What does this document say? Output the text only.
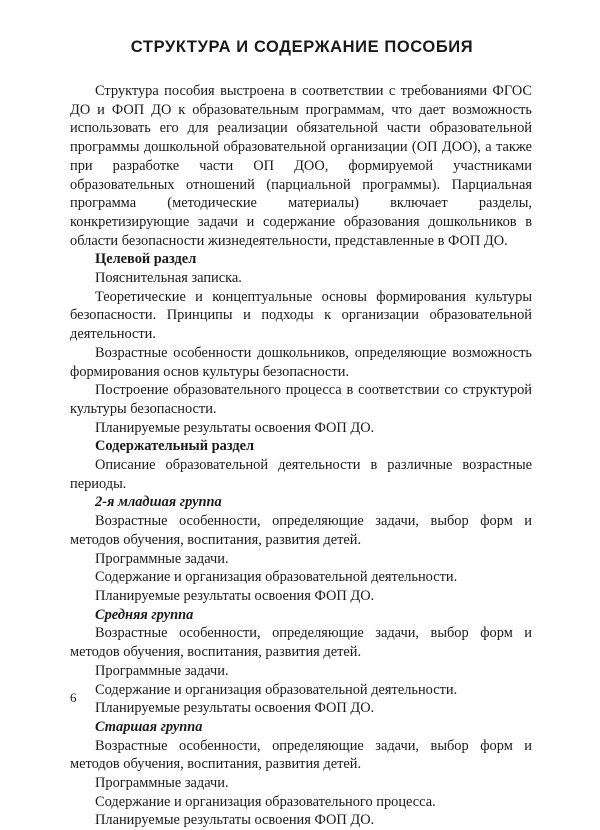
СТРУКТУРА И СОДЕРЖАНИЕ ПОСОБИЯ

Структура пособия выстроена в соответствии с требованиями ФГОС ДО и ФОП ДО к образовательным программам, что дает возможность использовать его для реализации обязательной части образовательной программы дошкольной образовательной организации (ОП ДОО), а также при разработке части ОП ДОО, формируемой участниками образовательных отношений (парциальной программы). Парциальная программа (методические материалы) включает разделы, конкретизирующие задачи и содержание образования дошкольников в области безопасности жизнедеятельности, представленные в ФОП ДО.

Целевой раздел

Пояснительная записка.

Теоретические и концептуальные основы формирования культуры безопасности. Принципы и подходы к организации образовательной деятельности.

Возрастные особенности дошкольников, определяющие возможность формирования основ культуры безопасности.

Построение образовательного процесса в соответствии со структурой культуры безопасности.

Планируемые результаты освоения ФОП ДО.

Содержательный раздел

Описание образовательной деятельности в различные возрастные периоды.

2-я младшая группа

Возрастные особенности, определяющие задачи, выбор форм и методов обучения, воспитания, развития детей.

Программные задачи.

Содержание и организация образовательной деятельности.

Планируемые результаты освоения ФОП ДО.

Средняя группа

Возрастные особенности, определяющие задачи, выбор форм и методов обучения, воспитания, развития детей.

Программные задачи.

Содержание и организация образовательной деятельности.

Планируемые результаты освоения ФОП ДО.

Старшая группа

Возрастные особенности, определяющие задачи, выбор форм и методов обучения, воспитания, развития детей.

Программные задачи.

Содержание и организация образовательного процесса.

Планируемые результаты освоения ФОП ДО.

6
